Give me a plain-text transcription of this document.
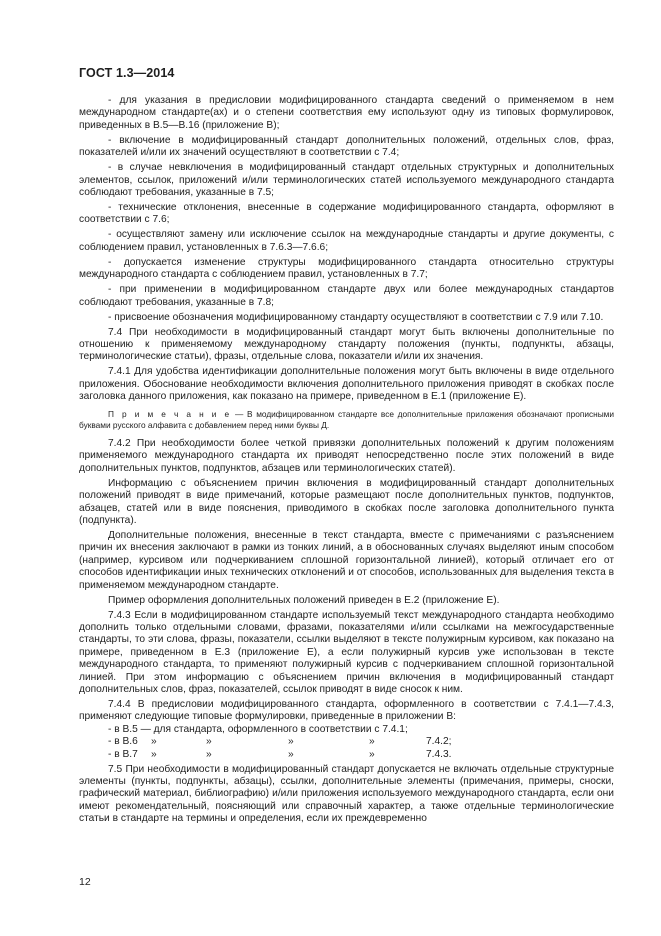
ГОСТ 1.3—2014

- для указания в предисловии модифицированного стандарта сведений о применяемом в нем международном стандарте(ах) и о степени соответствия ему используют одну из типовых формулировок, приведенных в В.5—В.16 (приложение В);

- включение в модифицированный стандарт дополнительных положений, отдельных слов, фраз, показателей и/или их значений осуществляют в соответствии с 7.4;

- в случае невключения в модифицированный стандарт отдельных структурных и дополнительных элементов, ссылок, приложений и/или терминологических статей используемого международного стандарта соблюдают требования, указанные в 7.5;

- технические отклонения, внесенные в содержание модифицированного стандарта, оформляют в соответствии с 7.6;

- осуществляют замену или исключение ссылок на международные стандарты и другие документы, с соблюдением правил, установленных в 7.6.3—7.6.6;

- допускается изменение структуры модифицированного стандарта относительно структуры международного стандарта с соблюдением правил, установленных в 7.7;

- при применении в модифицированном стандарте двух или более международных стандартов соблюдают требования, указанные в 7.8;

- присвоение обозначения модифицированному стандарту осуществляют в соответствии с 7.9 или 7.10.

7.4 При необходимости в модифицированный стандарт могут быть включены дополнительные по отношению к применяемому международному стандарту положения (пункты, подпункты, абзацы, терминологические статьи), фразы, отдельные слова, показатели и/или их значения.

7.4.1 Для удобства идентификации дополнительные положения могут быть включены в виде отдельного приложения. Обоснование необходимости включения дополнительного приложения приводят в скобках после заголовка данного приложения, как показано на примере, приведенном в Е.1 (приложение Е).

П р и м е ч а н и е — В модифицированном стандарте все дополнительные приложения обозначают прописными буквами русского алфавита с добавлением перед ними буквы Д.

7.4.2 При необходимости более четкой привязки дополнительных положений к другим положениям применяемого международного стандарта их приводят непосредственно после этих положений в виде дополнительных пунктов, подпунктов, абзацев или терминологических статей).

Информацию с объяснением причин включения в модифицированный стандарт дополнительных положений приводят в виде примечаний, которые размещают после дополнительных пунктов, подпунктов, абзацев, статей или в виде пояснения, приводимого в скобках после заголовка дополнительного пункта (подпункта).

Дополнительные положения, внесенные в текст стандарта, вместе с примечаниями с разъяснением причин их внесения заключают в рамки из тонких линий, а в обоснованных случаях выделяют иным способом (например, курсивом или подчеркиванием сплошной горизонтальной линией), который отличает его от способов идентификации иных технических отклонений и от способов, использованных для выделения текста в применяемом международном стандарте.

Пример оформления дополнительных положений приведен в Е.2 (приложение Е).

7.4.3 Если в модифицированном стандарте используемый текст международного стандарта необходимо дополнить только отдельными словами, фразами, показателями и/или ссылками на межгосударственные стандарты, то эти слова, фразы, показатели, ссылки выделяют в тексте полужирным курсивом, как показано на примере, приведенном в Е.3 (приложение Е), а если полужирный курсив уже использован в тексте международного стандарта, то применяют полужирный курсив с подчеркиванием сплошной горизонтальной линией. При этом информацию с объяснением причин включения в модифицированный стандарт дополнительных слов, фраз, показателей, ссылок приводят в виде сносок к ним.

7.4.4 В предисловии модифицированного стандарта, оформленного в соответствии с 7.4.1—7.4.3, применяют следующие типовые формулировки, приведенные в приложении В:

- в В.5 — для стандарта, оформленного в соответствии с 7.4.1;
- в В.6	»	»	»	»	7.4.2;
- в В.7	»	»	»	»	7.4.3.

7.5 При необходимости в модифицированный стандарт допускается не включать отдельные структурные элементы (пункты, подпункты, абзацы), ссылки, дополнительные элементы (примечания, примеры, сноски, графический материал, библиографию) и/или приложения используемого международного стандарта, если они имеют рекомендательный, поясняющий или справочный характер, а также отдельные терминологические статьи в стандарте на термины и определения, если их преждевременно

12
